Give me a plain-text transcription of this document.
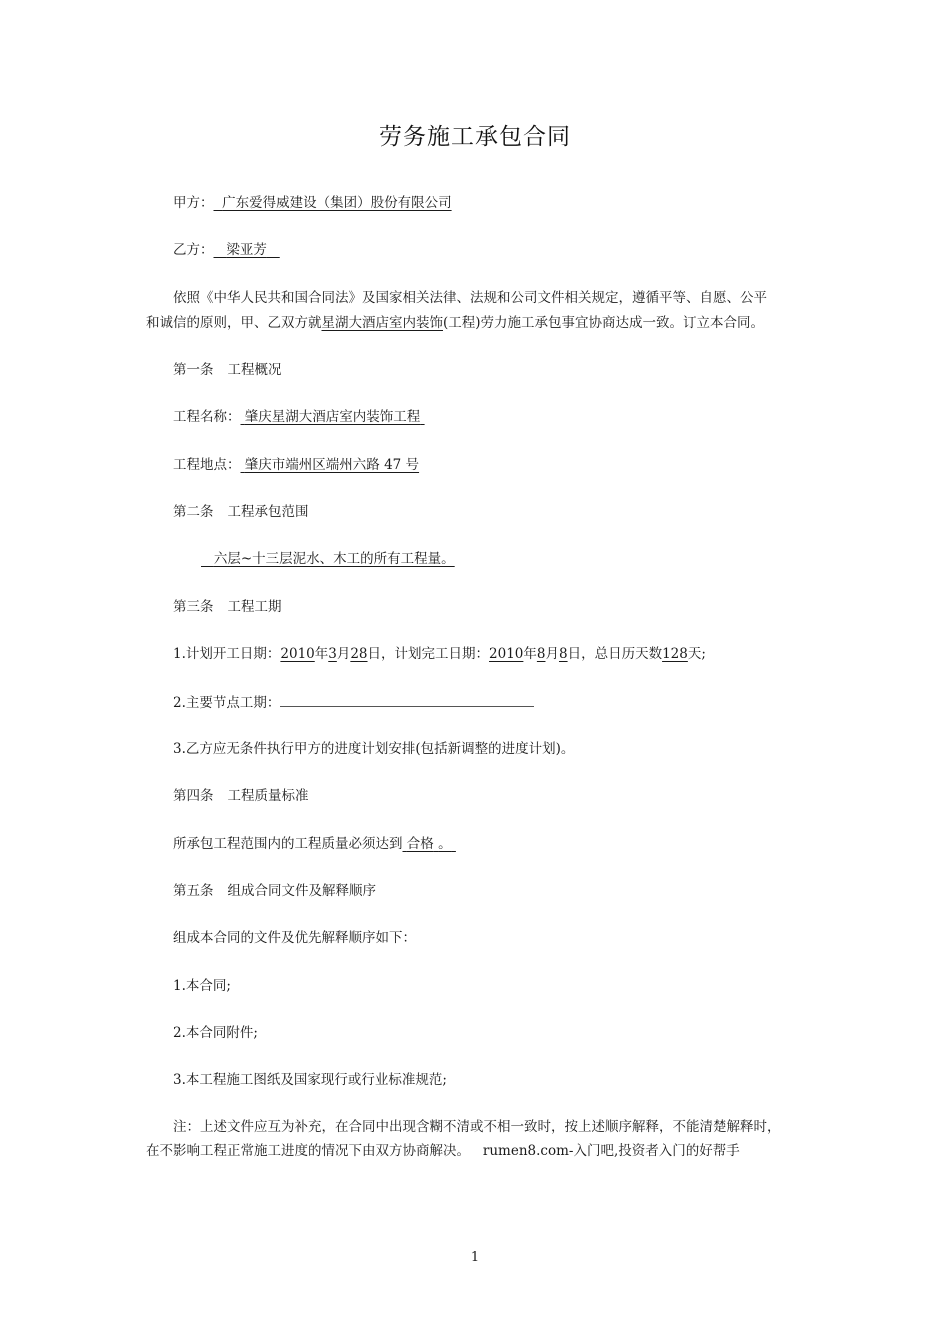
劳务施工承包合同
甲方： 广东爱得威建设（集团）股份有限公司
乙方： 梁亚芳
依照《中华人民共和国合同法》及国家相关法律、法规和公司文件相关规定，遵循平等、自愿、公平
和诚信的原则，甲、乙双方就星湖大酒店室内装饰(工程)劳力施工承包事宜协商达成一致。订立本合同。
第一条 工程概况
工程名称： 肇庆星湖大酒店室内装饰工程
工程地点： 肇庆市端州区端州六路 47 号
第二条 工程承包范围
六层~十三层泥水、木工的所有工程量。
第三条 工程工期
1.计划开工日期：2010年3月28日，计划完工日期：2010年8月8日，总日历天数128天;
2.主要节点工期：
3.乙方应无条件执行甲方的进度计划安排(包括新调整的进度计划)。
第四条 工程质量标准
所承包工程范围内的工程质量必须达到 合格 。
第五条 组成合同文件及解释顺序
组成本合同的文件及优先解释顺序如下：
1.本合同;
2.本合同附件;
3.本工程施工图纸及国家现行或行业标准规范;
注：上述文件应互为补充，在合同中出现含糊不清或不相一致时，按上述顺序解释，不能清楚解释时，
在不影响工程正常施工进度的情况下由双方协商解决。 rumen8.com-入门吧,投资者入门的好帮手
1
